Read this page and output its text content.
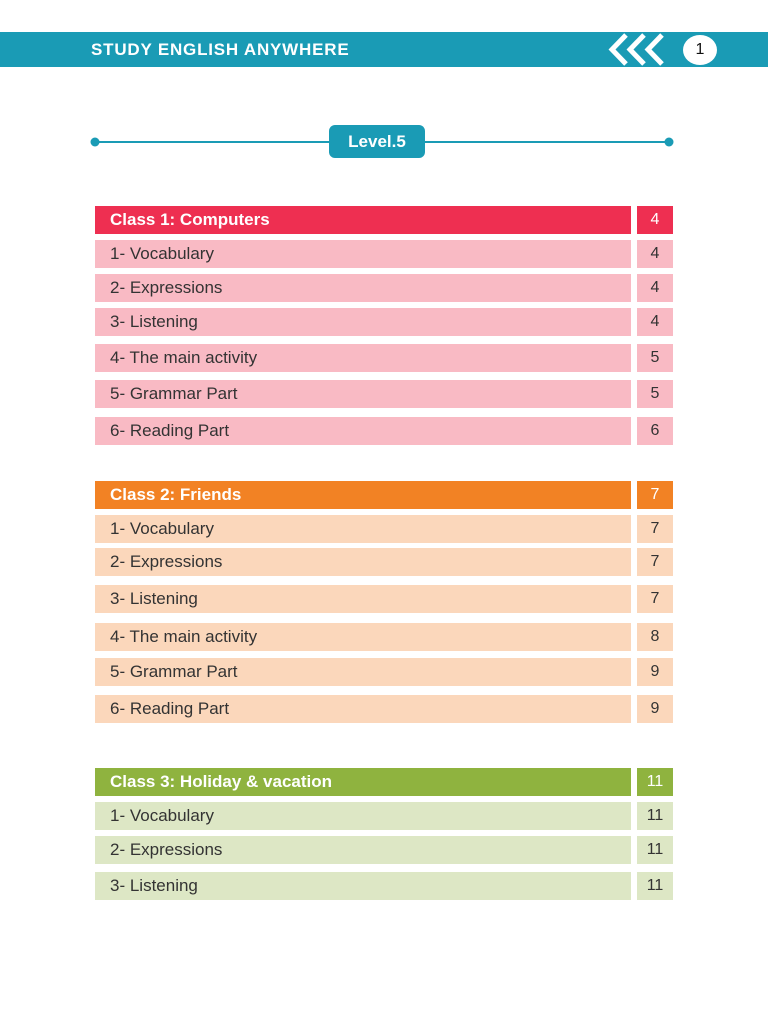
STUDY ENGLISH ANYWHERE	1
Level.5
Class 1: Computers	4
1- Vocabulary	4
2- Expressions	4
3- Listening	4
4- The main activity	5
5- Grammar Part	5
6- Reading Part	6
Class 2: Friends	7
1- Vocabulary	7
2- Expressions	7
3- Listening	7
4- The main activity	8
5- Grammar Part	9
6- Reading Part	9
Class 3: Holiday & vacation	11
1- Vocabulary	11
2- Expressions	11
3- Listening	11
